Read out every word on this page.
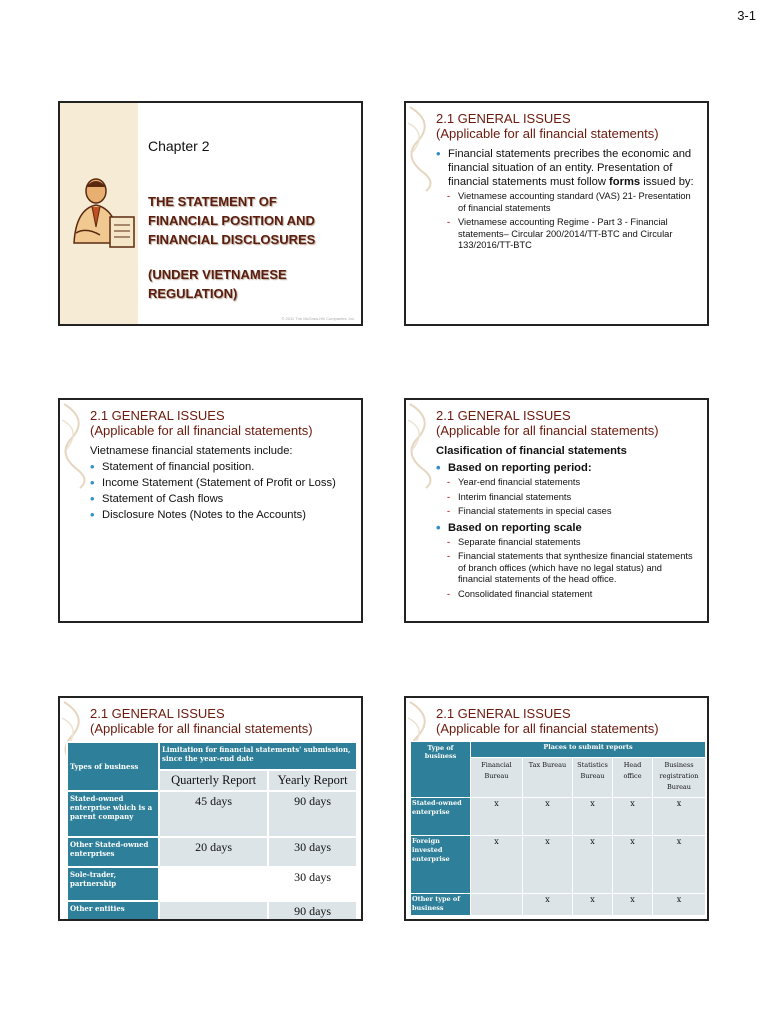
3-1
Chapter 2
THE STATEMENT OF
FINANCIAL POSITION AND
FINANCIAL DISCLOSURES
(UNDER VIETNAMESE
REGULATION)
© 2011 The McGraw-Hill Companies, Inc.
2.1 GENERAL ISSUES
(Applicable for all financial statements)
• Financial statements precribes the economic and financial situation of an entity. Presentation of financial statements must follow forms issued by:
- Vietnamese accounting standard (VAS) 21- Presentation of financial statements
- Vietnamese accounting Regime - Part 3 - Financial statements– Circular 200/2014/TT-BTC and Circular 133/2016/TT-BTC
2.1 GENERAL ISSUES
(Applicable for all financial statements)
Vietnamese financial statements include:
• Statement of financial position.
• Income Statement (Statement of Profit or Loss)
• Statement of Cash flows
• Disclosure Notes (Notes to the Accounts)
2.1 GENERAL ISSUES
(Applicable for all financial statements)
Clasification of financial statements
• Based on reporting period:
- Year-end financial statements
- Interim financial statements
- Financial statements in special cases
• Based on reporting scale
- Separate financial statements
- Financial statements that synthesize financial statements of branch offices (which have no legal status) and financial statements of the head office.
- Consolidated financial statement
2.1 GENERAL ISSUES
(Applicable for all financial statements)
Types of business	Limitation for financial statements' submission, since the year-end date	
	Quarterly Report	Yearly Report
Stated-owned enterprise which is a parent company	45 days	90 days
Other Stated-owned enterprises	20 days	30 days
Sole-trader, partnership		30 days
Other entities		90 days
2.1 GENERAL ISSUES
(Applicable for all financial statements)
Type of business	Places to submit reports				
	Financial Bureau	Tax Bureau	Statistics Bureau	Head office	Business registration Bureau
Stated-owned enterprise	x	x	x	x	x
Foreign invested enterprise	x	x	x	x	x
Other type of business		x	x	x	x
